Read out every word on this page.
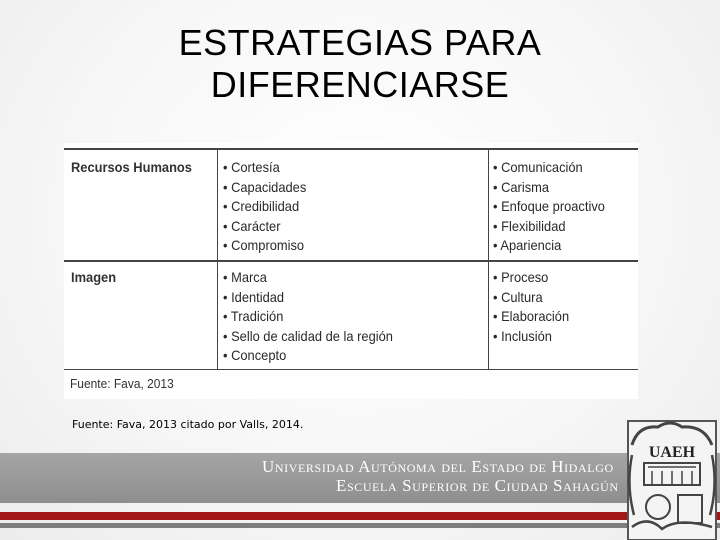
ESTRATEGIAS PARA
DIFERENCIARSE
Recursos Humanos	• Cortesía
• Capacidades
• Credibilidad
• Carácter
• Compromiso
• Comunicación
• Carisma
• Enfoque proactivo
• Flexibilidad
• Apariencia
Imagen	• Marca
• Identidad
• Tradición
• Sello de calidad de la región
• Concepto
• Proceso
• Cultura
• Elaboración
• Inclusión
Fuente: Fava, 2013
Fuente: Fava, 2013 citado por Valls, 2014.
Universidad Autónoma del Estado de Hidalgo
Escuela Superior de Ciudad Sahagún
UAEH
